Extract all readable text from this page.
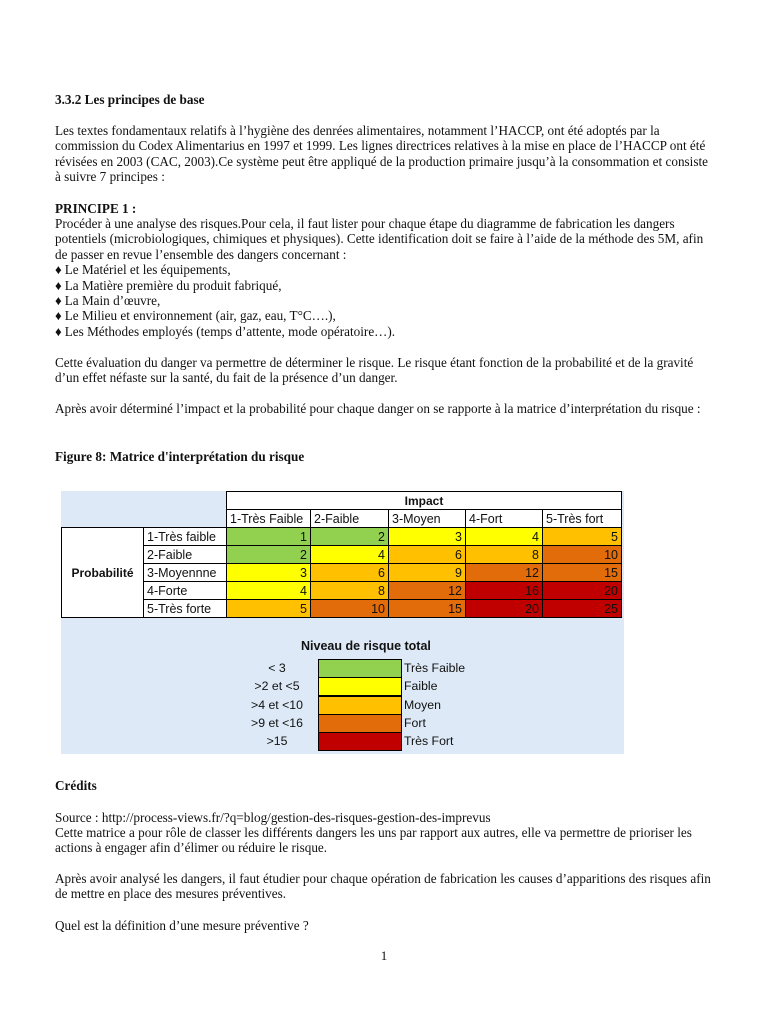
3.3.2 Les principes de base

Les textes fondamentaux relatifs à l’hygiène des denrées alimentaires, notamment l’HACCP, ont été adoptés par la commission du Codex Alimentarius en 1997 et 1999. Les lignes directrices relatives à la mise en place de l’HACCP ont été révisées en 2003 (CAC, 2003).Ce système peut être appliqué de la production primaire jusqu’à la consommation et consiste à suivre 7 principes :

PRINCIPE 1 :

Procéder à une analyse des risques.Pour cela, il faut lister pour chaque étape du diagramme de fabrication les dangers potentiels (microbiologiques, chimiques et physiques). Cette identification doit se faire à l’aide de la méthode des 5M, afin de passer en revue l’ensemble des dangers concernant :

♦ Le Matériel et les équipements,
♦ La Matière première du produit fabriqué,
♦ La Main d’œuvre,
♦ Le Milieu et environnement (air, gaz, eau, T°C….),
♦ Les Méthodes employés (temps d’attente, mode opératoire…).

Cette évaluation du danger va permettre de déterminer le risque. Le risque étant fonction de la probabilité et de la gravité d’un effet néfaste sur la santé, du fait de la présence d’un danger.

Après avoir déterminé l’impact et la probabilité pour chaque danger on se rapporte à la matrice d’interprétation du risque :

Figure 8: Matrice d'interprétation du risque
		Impact				
		1-Très Faible	2-Faible	3-Moyen	4-Fort	5-Très fort
Probabilité	1-Très faible	1	2	3	4	5
	2-Faible	2	4	6	8	10
	3-Moyennne	3	6	9	12	15
	4-Forte	4	8	12	16	20
	5-Très forte	5	10	15	20	25
Niveau de risque total
< 3	Très Faible
>2 et <5	Faible
>4 et <10	Moyen
>9 et <16	Fort
>15	Très Fort
Crédits
Source : http://process-views.fr/?q=blog/gestion-des-risques-gestion-des-imprevus

Cette matrice a pour rôle de classer les différents dangers les uns par rapport aux autres, elle va permettre de prioriser les actions à engager afin d’élimer ou réduire le risque.

Après avoir analysé les dangers, il faut étudier pour chaque opération de fabrication les causes d’apparitions des risques afin de mettre en place des mesures préventives.

Quel est la définition d’une mesure préventive ?
1
